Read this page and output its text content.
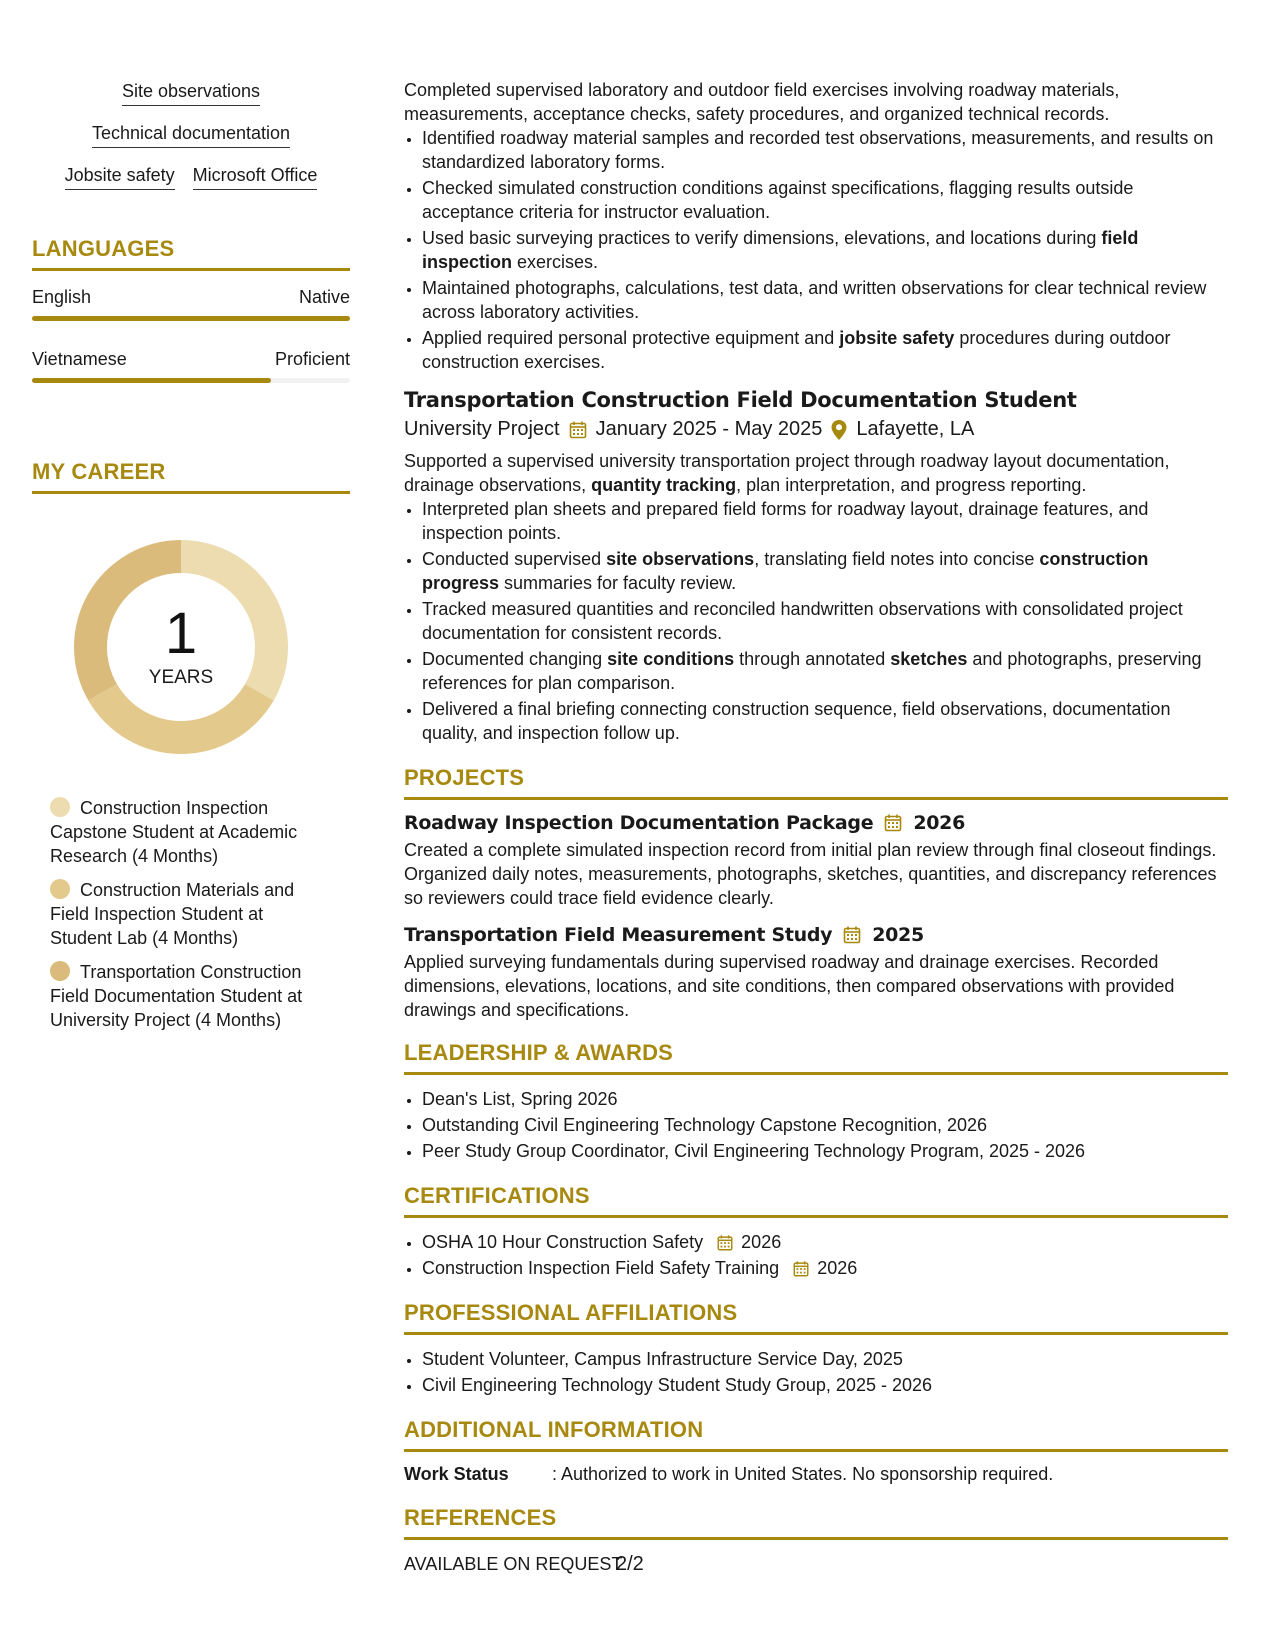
Site observations
Technical documentation
Jobsite safety Microsoft Office
LANGUAGES
English	Native
Vietnamese	Proficient
MY CAREER
1
YEARS
Construction Inspection Capstone Student at Academic Research (4 Months)
Construction Materials and Field Inspection Student at Student Lab (4 Months)
Transportation Construction Field Documentation Student at University Project (4 Months)

Completed supervised laboratory and outdoor field exercises involving roadway materials, measurements, acceptance checks, safety procedures, and organized technical records.

• Identified roadway material samples and recorded test observations, measurements, and results on standardized laboratory forms.
• Checked simulated construction conditions against specifications, flagging results outside acceptance criteria for instructor evaluation.
• Used basic surveying practices to verify dimensions, elevations, and locations during field inspection exercises.
• Maintained photographs, calculations, test data, and written observations for clear technical review across laboratory activities.
• Applied required personal protective equipment and jobsite safety procedures during outdoor construction exercises.
Transportation Construction Field Documentation Student
University Project January 2025 - May 2025 Lafayette, LA

Supported a supervised university transportation project through roadway layout documentation, drainage observations, quantity tracking, plan interpretation, and progress reporting.

• Interpreted plan sheets and prepared field forms for roadway layout, drainage features, and inspection points.
• Conducted supervised site observations, translating field notes into concise construction progress summaries for faculty review.
• Tracked measured quantities and reconciled handwritten observations with consolidated project documentation for consistent records.
• Documented changing site conditions through annotated sketches and photographs, preserving references for plan comparison.
• Delivered a final briefing connecting construction sequence, field observations, documentation quality, and inspection follow up.
PROJECTS
Roadway Inspection Documentation Package 2026

Created a complete simulated inspection record from initial plan review through final closeout findings. Organized daily notes, measurements, photographs, sketches, quantities, and discrepancy references so reviewers could trace field evidence clearly.

Transportation Field Measurement Study 2025

Applied surveying fundamentals during supervised roadway and drainage exercises. Recorded dimensions, elevations, locations, and site conditions, then compared observations with provided drawings and specifications.

LEADERSHIP & AWARDS
• Dean's List, Spring 2026
• Outstanding Civil Engineering Technology Capstone Recognition, 2026
• Peer Study Group Coordinator, Civil Engineering Technology Program, 2025 - 2026
CERTIFICATIONS
• OSHA 10 Hour Construction Safety 2026
• Construction Inspection Field Safety Training 2026
PROFESSIONAL AFFILIATIONS
• Student Volunteer, Campus Infrastructure Service Day, 2025
• Civil Engineering Technology Student Study Group, 2025 - 2026
ADDITIONAL INFORMATION
Work Status	: Authorized to work in United States. No sponsorship required.
REFERENCES

AVAILABLE ON REQUEST

2/2
